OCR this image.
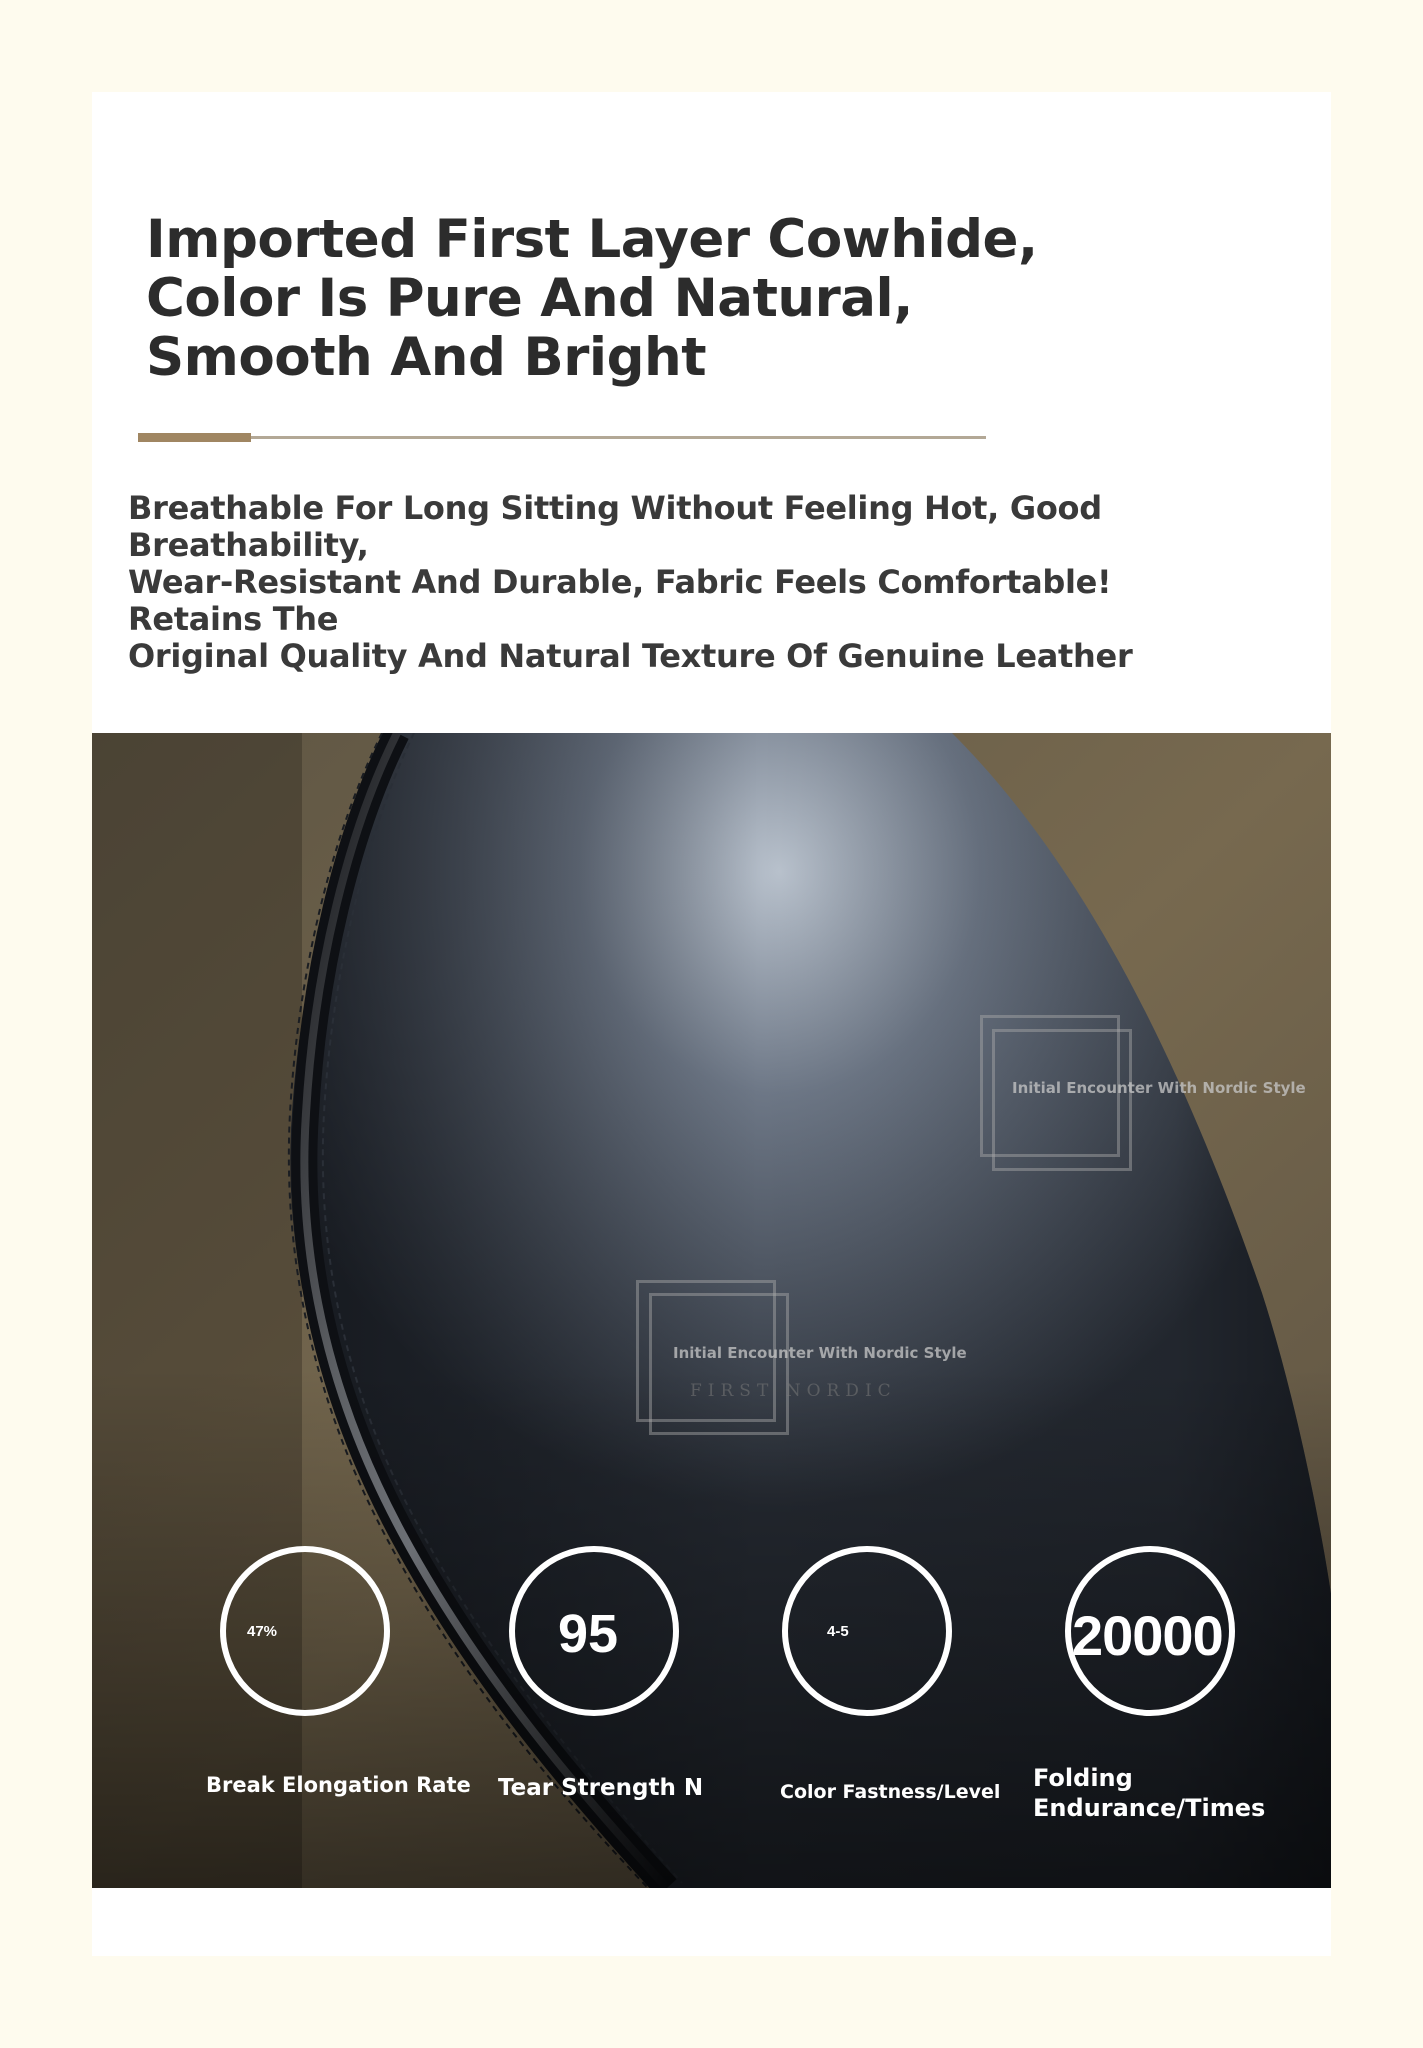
Imported First Layer Cowhide,
Color Is Pure And Natural,
Smooth And Bright

Breathable For Long Sitting Without Feeling Hot, Good Breathability,
Wear-Resistant And Durable, Fabric Feels Comfortable! Retains The
Original Quality And Natural Texture Of Genuine Leather

Initial Encounter With Nordic Style
Initial Encounter With Nordic Style
FIRST NORDIC
47%

Break Elongation Rate

95

Tear Strength N

4-5

Color Fastness/Level

20000

Folding
Endurance/Times
